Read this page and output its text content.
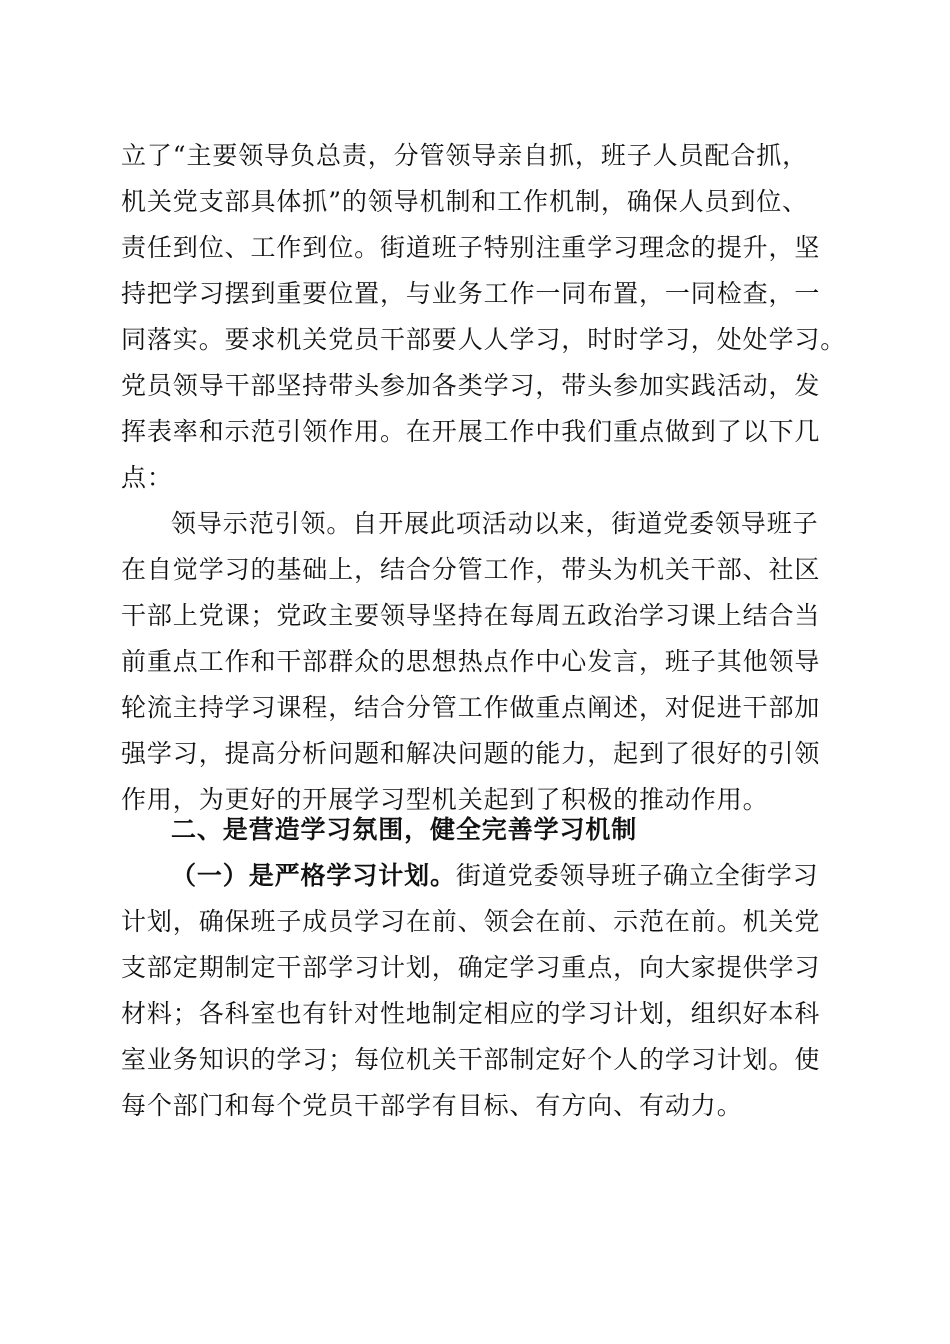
立了“主要领导负总责，分管领导亲自抓，班子人员配合抓，
机关党支部具体抓”的领导机制和工作机制，确保人员到位、
责任到位、工作到位。街道班子特别注重学习理念的提升，坚
持把学习摆到重要位置，与业务工作一同布置，一同检查，一
同落实。要求机关党员干部要人人学习，时时学习，处处学习。
党员领导干部坚持带头参加各类学习，带头参加实践活动，发
挥表率和示范引领作用。在开展工作中我们重点做到了以下几
点：
领导示范引领。自开展此项活动以来，街道党委领导班子
在自觉学习的基础上，结合分管工作，带头为机关干部、社区
干部上党课；党政主要领导坚持在每周五政治学习课上结合当
前重点工作和干部群众的思想热点作中心发言，班子其他领导
轮流主持学习课程，结合分管工作做重点阐述，对促进干部加
强学习，提高分析问题和解决问题的能力，起到了很好的引领
作用，为更好的开展学习型机关起到了积极的推动作用。
二、是营造学习氛围，健全完善学习机制
（一）是严格学习计划。街道党委领导班子确立全街学习
计划，确保班子成员学习在前、领会在前、示范在前。机关党
支部定期制定干部学习计划，确定学习重点，向大家提供学习
材料；各科室也有针对性地制定相应的学习计划，组织好本科
室业务知识的学习；每位机关干部制定好个人的学习计划。使
每个部门和每个党员干部学有目标、有方向、有动力。
